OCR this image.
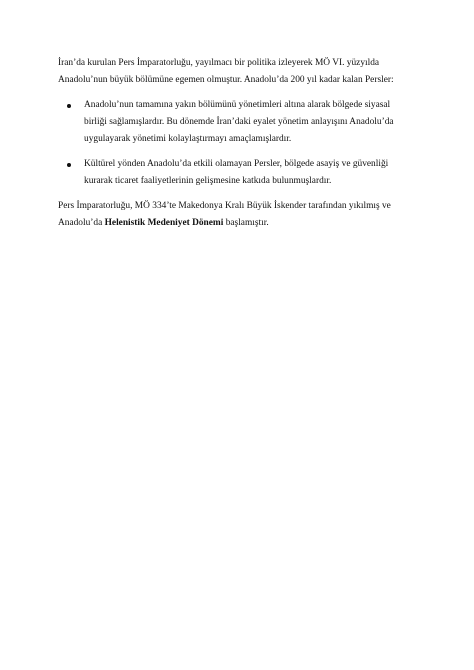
İran’da kurulan Pers İmparatorluğu, yayılmacı bir politika izleyerek MÖ VI. yüzyılda Anadolu’nun büyük bölümüne egemen olmuştur. Anadolu’da 200 yıl kadar kalan Persler:

Anadolu’nun tamamına yakın bölümünü yönetimleri altına alarak bölgede siyasal birliği sağlamışlardır. Bu dönemde İran’daki eyalet yönetim anlayışını Anadolu’da uygulayarak yönetimi kolaylaştırmayı amaçlamışlardır.
Kültürel yönden Anadolu’da etkili olamayan Persler, bölgede asayiş ve güvenliği kurarak ticaret faaliyetlerinin gelişmesine katkıda bulunmuşlardır.

Pers İmparatorluğu, MÖ 334’te Makedonya Kralı Büyük İskender tarafından yıkılmış ve Anadolu’da Helenistik Medeniyet Dönemi başlamıştır.
